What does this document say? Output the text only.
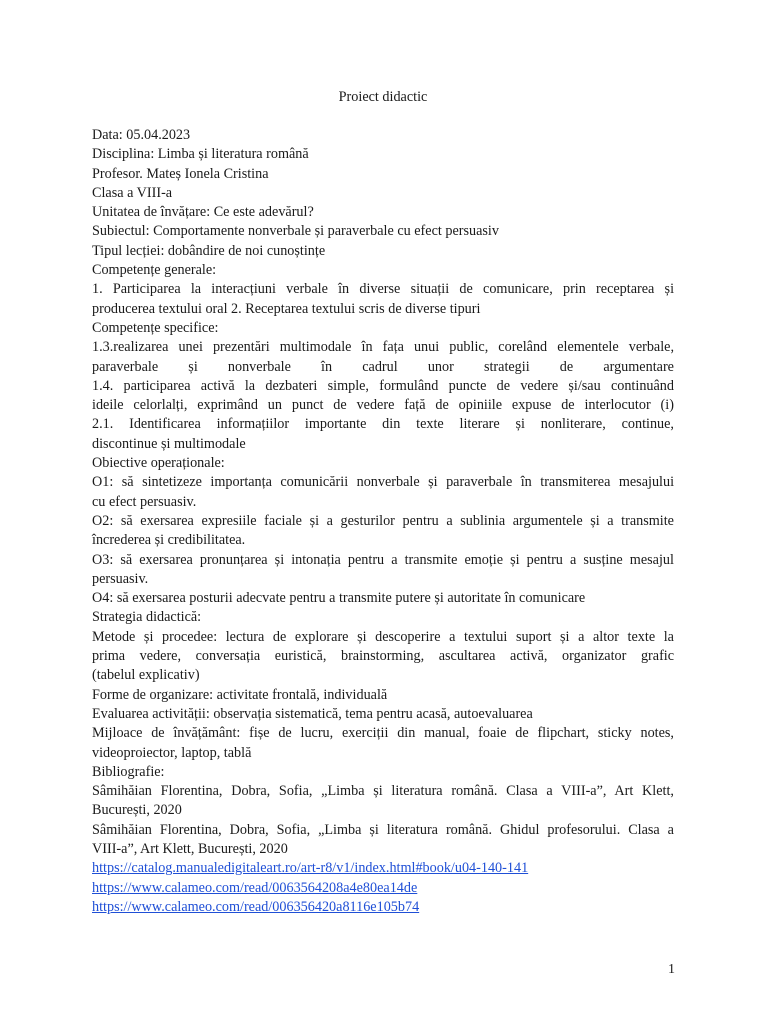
Proiect didactic
Data: 05.04.2023
Disciplina: Limba și literatura română
Profesor. Mateș Ionela Cristina
Clasa a VIII-a
Unitatea de învățare: Ce este adevărul?
Subiectul: Comportamente nonverbale și paraverbale cu efect persuasiv
Tipul lecției: dobândire de noi cunoștințe
Competențe generale:
1. Participarea la interacțiuni verbale în diverse situații de comunicare, prin receptarea și
producerea textului oral 2. Receptarea textului scris de diverse tipuri
Competențe specifice:
1.3.realizarea unei prezentări multimodale în fața unui public, corelând elementele verbale,
paraverbale și nonverbale în cadrul unor strategii de argumentare
1.4. participarea activă la dezbateri simple, formulând puncte de vedere și/sau continuând
ideile celorlalți, exprimând un punct de vedere față de opiniile expuse de interlocutor (i)
2.1. Identificarea informațiilor importante din texte literare și nonliterare, continue,
discontinue și multimodale
Obiective operaționale:
O1: să sintetizeze importanța comunicării nonverbale și paraverbale în transmiterea mesajului
cu efect persuasiv.
O2: să exersarea expresiile faciale și a gesturilor pentru a sublinia argumentele și a transmite
încrederea și credibilitatea.
O3: să exersarea pronunțarea și intonația pentru a transmite emoție și pentru a susține mesajul
persuasiv.
O4: să exersarea posturii adecvate pentru a transmite putere și autoritate în comunicare
Strategia didactică:
Metode și procedee: lectura de explorare și descoperire a textului suport și a altor texte la
prima vedere, conversația euristică, brainstorming, ascultarea activă, organizator grafic
(tabelul explicativ)
Forme de organizare: activitate frontală, individuală
Evaluarea activității: observația sistematică, tema pentru acasă, autoevaluarea
Mijloace de învățământ: fișe de lucru, exerciții din manual, foaie de flipchart, sticky notes,
videoproiector, laptop, tablă
Bibliografie:
Sâmihăian Florentina, Dobra, Sofia, „Limba și literatura română. Clasa a VIII-a”, Art Klett,
București, 2020
Sâmihăian Florentina, Dobra, Sofia, „Limba și literatura română. Ghidul profesorului. Clasa a
VIII-a”, Art Klett, București, 2020
https://catalog.manualedigitaleart.ro/art-r8/v1/index.html#book/u04-140-141
https://www.calameo.com/read/0063564208a4e80ea14de
https://www.calameo.com/read/006356420a8116e105b74
1
